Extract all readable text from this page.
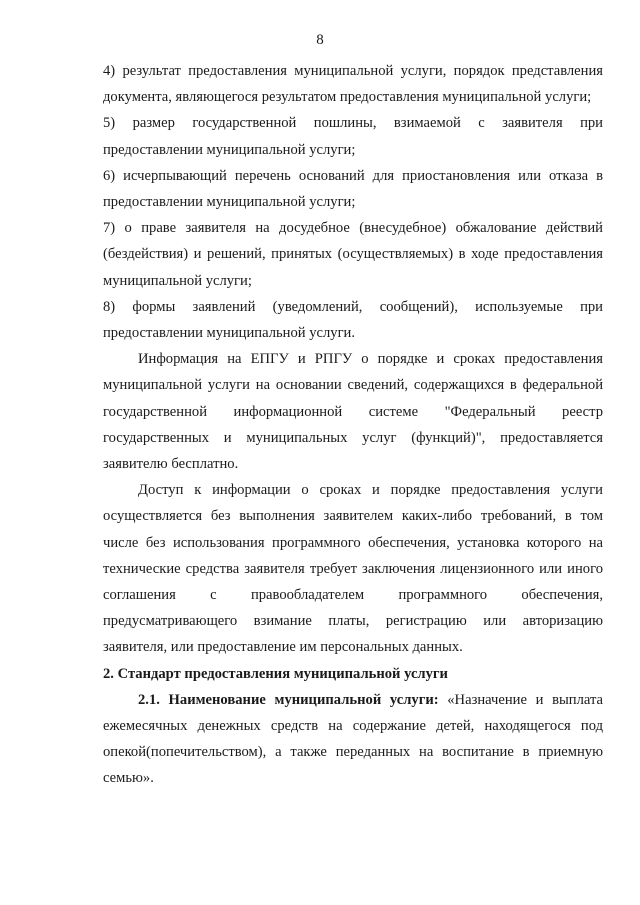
8

4) результат предоставления муниципальной услуги, порядок представления документа, являющегося результатом предоставления муниципальной услуги;

5) размер государственной пошлины, взимаемой с заявителя при предоставлении муниципальной услуги;

6) исчерпывающий перечень оснований для приостановления или отказа в предоставлении муниципальной услуги;

7) о праве заявителя на досудебное (внесудебное) обжалование действий (бездействия) и решений, принятых (осуществляемых) в ходе предоставления муниципальной услуги;

8) формы заявлений (уведомлений, сообщений), используемые при предоставлении муниципальной услуги.

Информация на ЕПГУ и РПГУ о порядке и сроках предоставления муниципальной услуги на основании сведений, содержащихся в федеральной государственной информационной системе "Федеральный реестр государственных и муниципальных услуг (функций)", предоставляется заявителю бесплатно.

Доступ к информации о сроках и порядке предоставления услуги осуществляется без выполнения заявителем каких-либо требований, в том числе без использования программного обеспечения, установка которого на технические средства заявителя требует заключения лицензионного или иного соглашения с правообладателем программного обеспечения, предусматривающего взимание платы, регистрацию или авторизацию заявителя, или предоставление им персональных данных.

2. Стандарт предоставления муниципальной услуги

2.1. Наименование муниципальной услуги: «Назначение и выплата ежемесячных денежных средств на содержание детей, находящегося под опекой(попечительством), а также переданных на воспитание в приемную семью».
